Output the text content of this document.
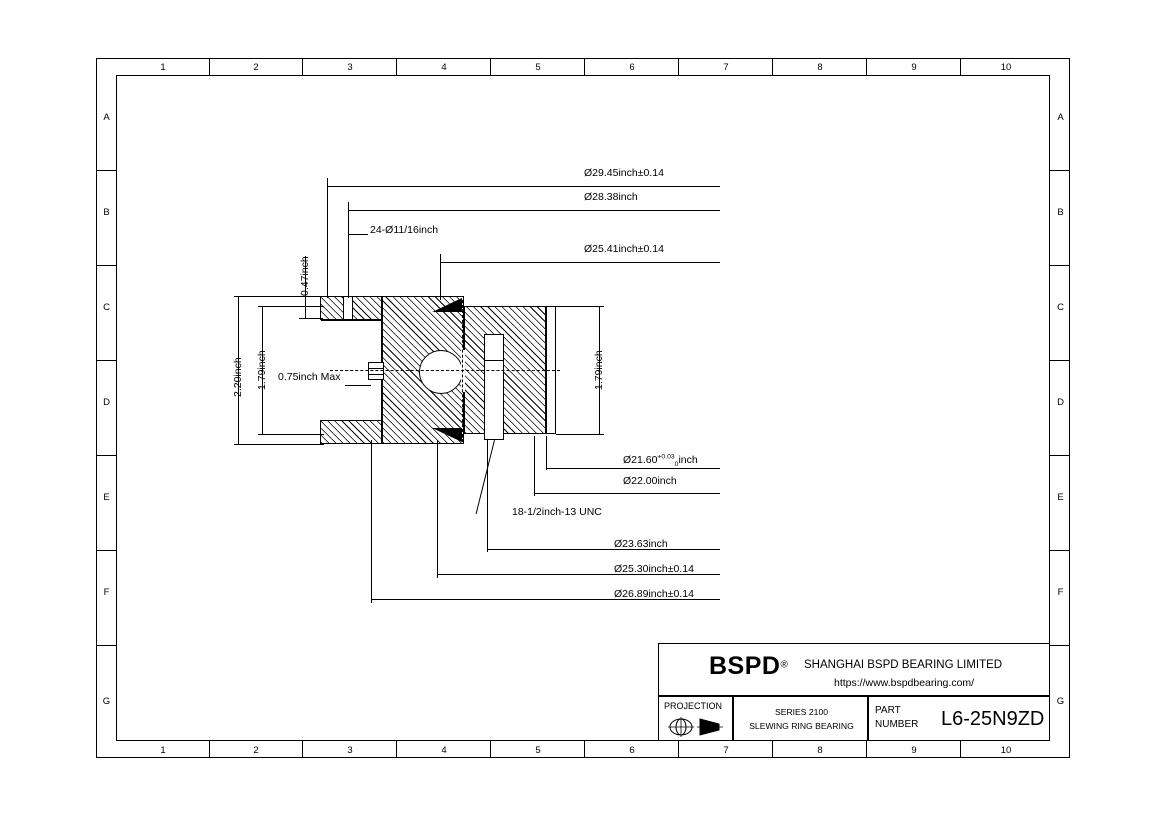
1	2	3	4	5	6	7	8	9	10
1	2	3	4	5	6	7	8	9	10
A
B
C
D
E
F
G
A
B
C
D
E
F
G
Ø29.45inch±0.14
Ø28.38inch
24-Ø11/16inch
Ø25.41inch±0.14
0.47inch
2.20inch 1.79inch	1.79inch
0.75inch Max
$Ø21.60^{+0.03}_0inch$
Ø22.00inch
18-1/2inch-13 UNC
Ø23.63inch
Ø25.30inch±0.14
Ø26.89inch±0.14
BSPD® SHANGHAI BSPD BEARING LIMITED
https://www.bspdbearing.com/
PROJECTION
SERIES 2100
SLEWING RING BEARING
PART
NUMBER L6-25N9ZD
